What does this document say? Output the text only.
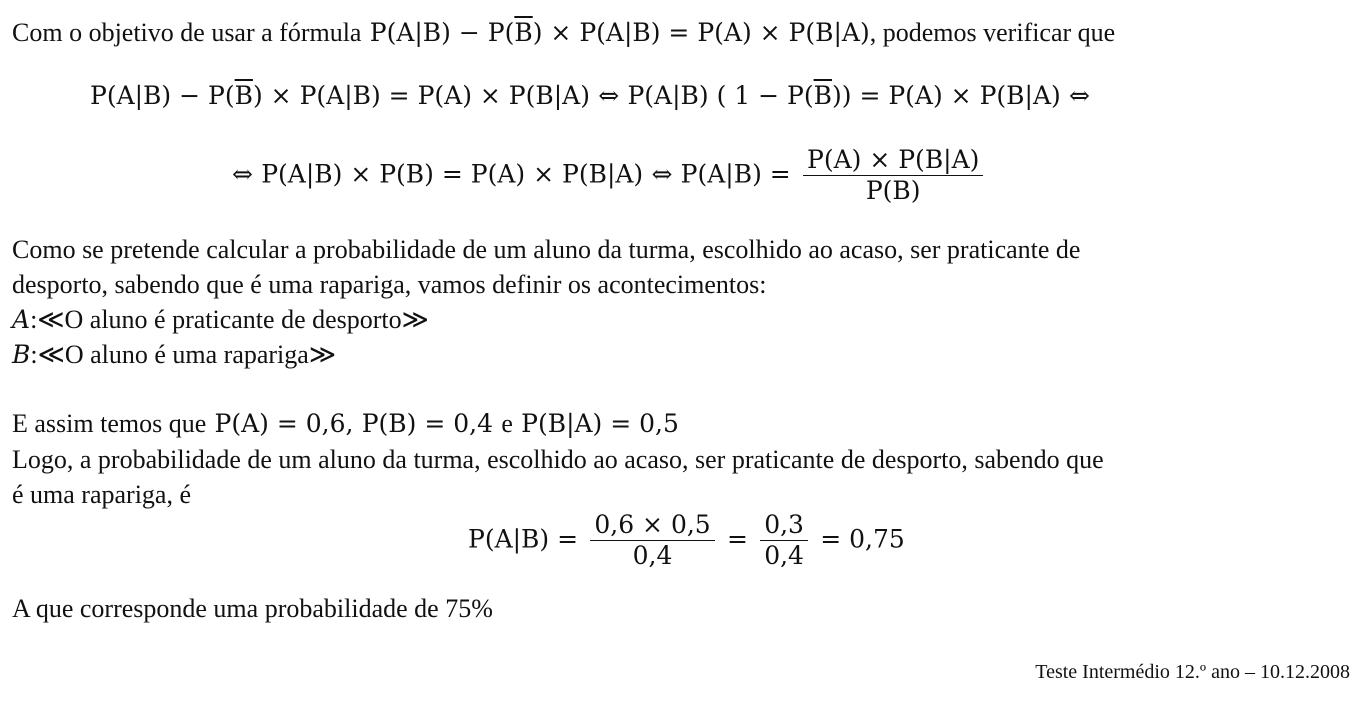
Com o objetivo de usar a fórmula $P(A|B) - P(\overline{B}) \times P(A|B) = P(A) \times P(B|A)$, podemos verificar que
$P(A|B) - P(\overline{B}) \times P(A|B) = P(A) \times P(B|A)$ ⇔ P(A|B) ( $1 - P(\overline{B})) = P(A) \times P(B|A)$ ⇔
⇔ P(A|B) × P(B) = P(A) × P(B|A) ⇔ $P(A|B) = \frac{P(A) \times P(B|A)}{P(B)}$
Como se pretende calcular a probabilidade de um aluno da turma, escolhido ao acaso, ser praticante de
desporto, sabendo que é uma rapariga, vamos definir os acontecimentos:
A:≪O aluno é praticante de desporto≫
B:≪O aluno é uma rapariga≫
E assim temos que P(A) = 0,6, P(B) = 0,4 e P(B|A) = 0,5
Logo, a probabilidade de um aluno da turma, escolhido ao acaso, ser praticante de desporto, sabendo que
é uma rapariga, é
$P(A|B) = \frac{0,6 \times 0,5}{0,4} = \frac{0,3}{0,4} = 0,75$
A que corresponde uma probabilidade de 75%
Teste Intermédio 12.º ano – 10.12.2008
